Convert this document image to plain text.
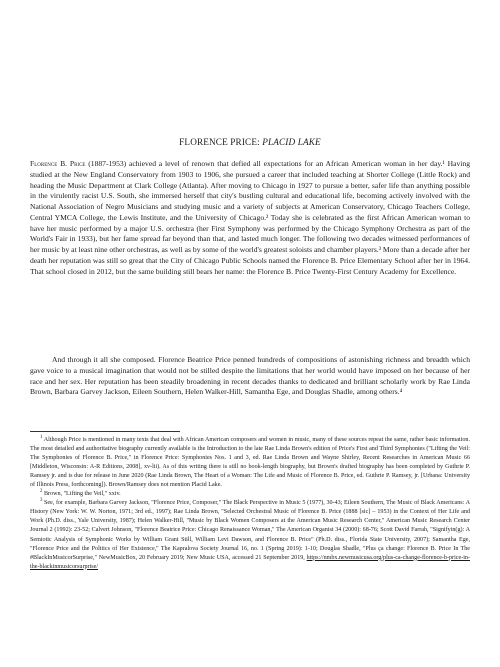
FLORENCE PRICE: PLACID LAKE
Florence B. Price (1887-1953) achieved a level of renown that defied all expectations for an African American woman in her day.¹ Having studied at the New England Conservatory from 1903 to 1906, she pursued a career that included teaching at Shorter College (Little Rock) and heading the Music Department at Clark College (Atlanta). After moving to Chicago in 1927 to pursue a better, safer life than anything possible in the virulently racist U.S. South, she immersed herself that city's bustling cultural and educational life, becoming actively involved with the National Association of Negro Musicians and studying music and a variety of subjects at American Conservatory, Chicago Teachers College, Central YMCA College, the Lewis Institute, and the University of Chicago.² Today she is celebrated as the first African American woman to have her music performed by a major U.S. orchestra (her First Symphony was performed by the Chicago Symphony Orchestra as part of the World's Fair in 1933), but her fame spread far beyond than that, and lasted much longer. The following two decades witnessed performances of her music by at least nine other orchestras, as well as by some of the world's greatest soloists and chamber players.³ More than a decade after her death her reputation was still so great that the City of Chicago Public Schools named the Florence B. Price Elementary School after her in 1964. That school closed in 2012, but the same building still bears her name: the Florence B. Price Twenty-First Century Academy for Excellence.
And through it all she composed. Florence Beatrice Price penned hundreds of compositions of astonishing richness and breadth which gave voice to a musical imagination that would not be stilled despite the limitations that her world would have imposed on her because of her race and her sex. Her reputation has been steadily broadening in recent decades thanks to dedicated and brilliant scholarly work by Rae Linda Brown, Barbara Garvey Jackson, Eileen Southern, Helen Walker-Hill, Samantha Ege, and Douglas Shadle, among others.⁴

$^1$ Although Price is mentioned in many texts that deal with African American composers and women in music, many of these sources repeat the same, rather basic information. The most detailed and authoritative biography currently available is the Introduction to the late Rae Linda Brown's edition of Price's First and Third Symphonies ("Lifting the Veil: The Symphonies of Florence B. Price," in Florence Price: Symphonies Nos. 1 and 3, ed. Rae Linda Brown and Wayne Shirley, Recent Researches in American Music 66 [Middleton, Wisconsin: A-R Editions, 2008], xv-lii). As of this writing there is still no book-length biography, but Brown's drafted biography has been completed by Guthrie P. Ramsey jr. and is due for release in June 2020 (Rae Linda Brown, The Heart of a Woman: The Life and Music of Florence B. Price, ed. Guthrie P. Ramsey, jr. [Urbana: University of Illinois Press, forthcoming]). Brown/Ramsey does not mention Placid Lake.

$^2$ Brown, "Lifting the Veil," xxiv.

$^3$ See, for example, Barbara Garvey Jackson, "Florence Price, Composer," The Black Perspective in Music 5 (1977), 30-43; Eileen Southern, The Music of Black Americans: A History (New York: W. W. Norton, 1971; 3rd ed., 1997); Rae Linda Brown, "Selected Orchestral Music of Florence B. Price (1888 [sic] – 1953) in the Context of Her Life and Work (Ph.D. diss., Yale University, 1987); Helen Walker-Hill, "Music by Black Women Composers at the American Music Research Center," American Music Research Center Journal 2 (1992): 23-52; Calvert Johnson, "Florence Beatrice Price: Chicago Renaissance Woman," The American Organist 34 (2000): 68-76; Scott David Farrah, "Signifyin(g): A Semiotic Analysis of Symphonic Works by William Grant Still, William Levi Dawson, and Florence B. Price" (Ph.D. diss., Florida State University, 2007); Samantha Ege, "Florence Price and the Politics of Her Existence," The Kapralova Society Journal 16, no. 1 (Spring 2019): 1-10; Douglas Shadle, "Plus ça change: Florence B. Price In The #BlackInMusicorSurprise," NewMusicBox, 20 February 2019; New Music USA, accessed 21 September 2019, https://nmbx.newmusicusa.org/plus-ca-change-florence-b-price-in-the-blackinmusicorsurprise/
